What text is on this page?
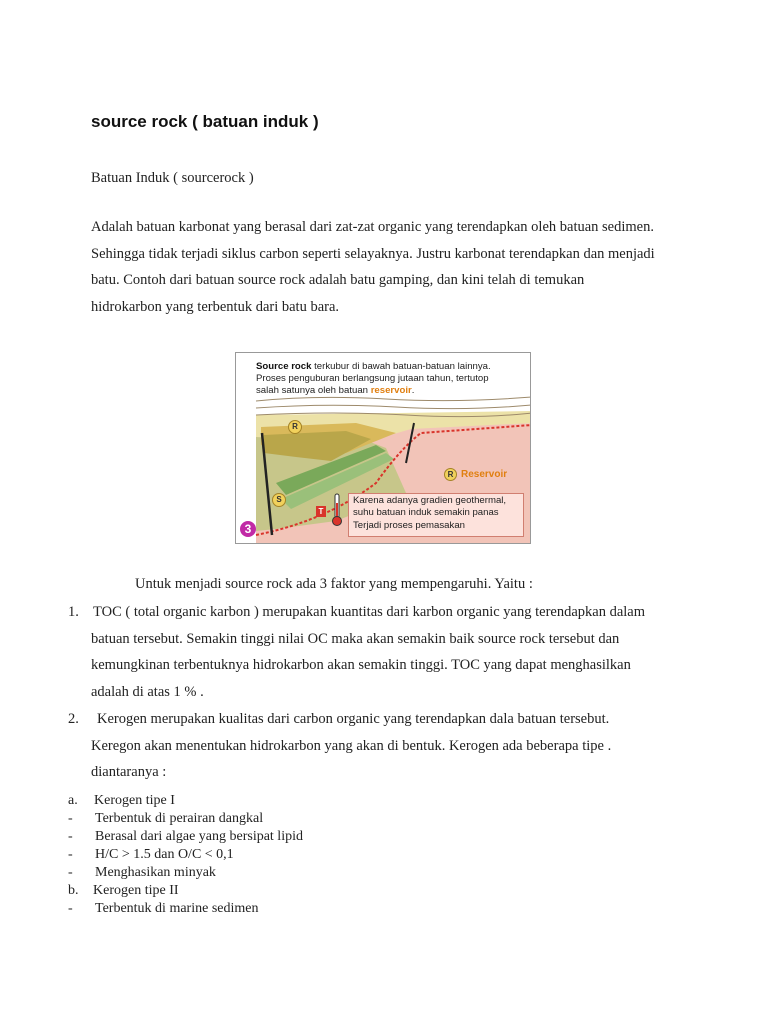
source rock ( batuan induk )
Batuan Induk ( sourcerock )
Adalah batuan karbonat yang berasal dari zat-zat organic yang terendapkan oleh batuan sedimen.
Sehingga tidak terjadi siklus carbon seperti selayaknya. Justru karbonat terendapkan dan menjadi
batu. Contoh dari batuan source rock adalah batu gamping, dan kini telah di temukan
hidrokarbon yang terbentuk dari batu bara.
Source rock terkubur di bawah batuan-batuan lainnya.
Proses penguburan berlangsung jutaan tahun, tertutop
salah satunya oleh batuan reservoir.
R
S
R Reservoir
T
Karena adanya gradien geothermal,
suhu batuan induk semakin panas
Terjadi proses pemasakan
3
Untuk menjadi source rock ada 3 faktor yang mempengaruhi. Yaitu :
1. TOC ( total organic karbon ) merupakan kuantitas dari karbon organic yang terendapkan dalam
batuan tersebut. Semakin tinggi nilai OC maka akan semakin baik source rock tersebut dan
kemungkinan terbentuknya hidrokarbon akan semakin tinggi. TOC yang dapat menghasilkan
adalah di atas 1 % .
2.	Kerogen merupakan kualitas dari carbon organic yang terendapkan dala batuan tersebut.
Keregon akan menentukan hidrokarbon yang akan di bentuk. Kerogen ada beberapa tipe .
diantaranya :
a. Kerogen tipe I
- Terbentuk di perairan dangkal
- Berasal dari algae yang bersipat lipid
- H/C > 1.5 dan O/C < 0,1
- Menghasikan minyak
b. Kerogen tipe II
- Terbentuk di marine sedimen
